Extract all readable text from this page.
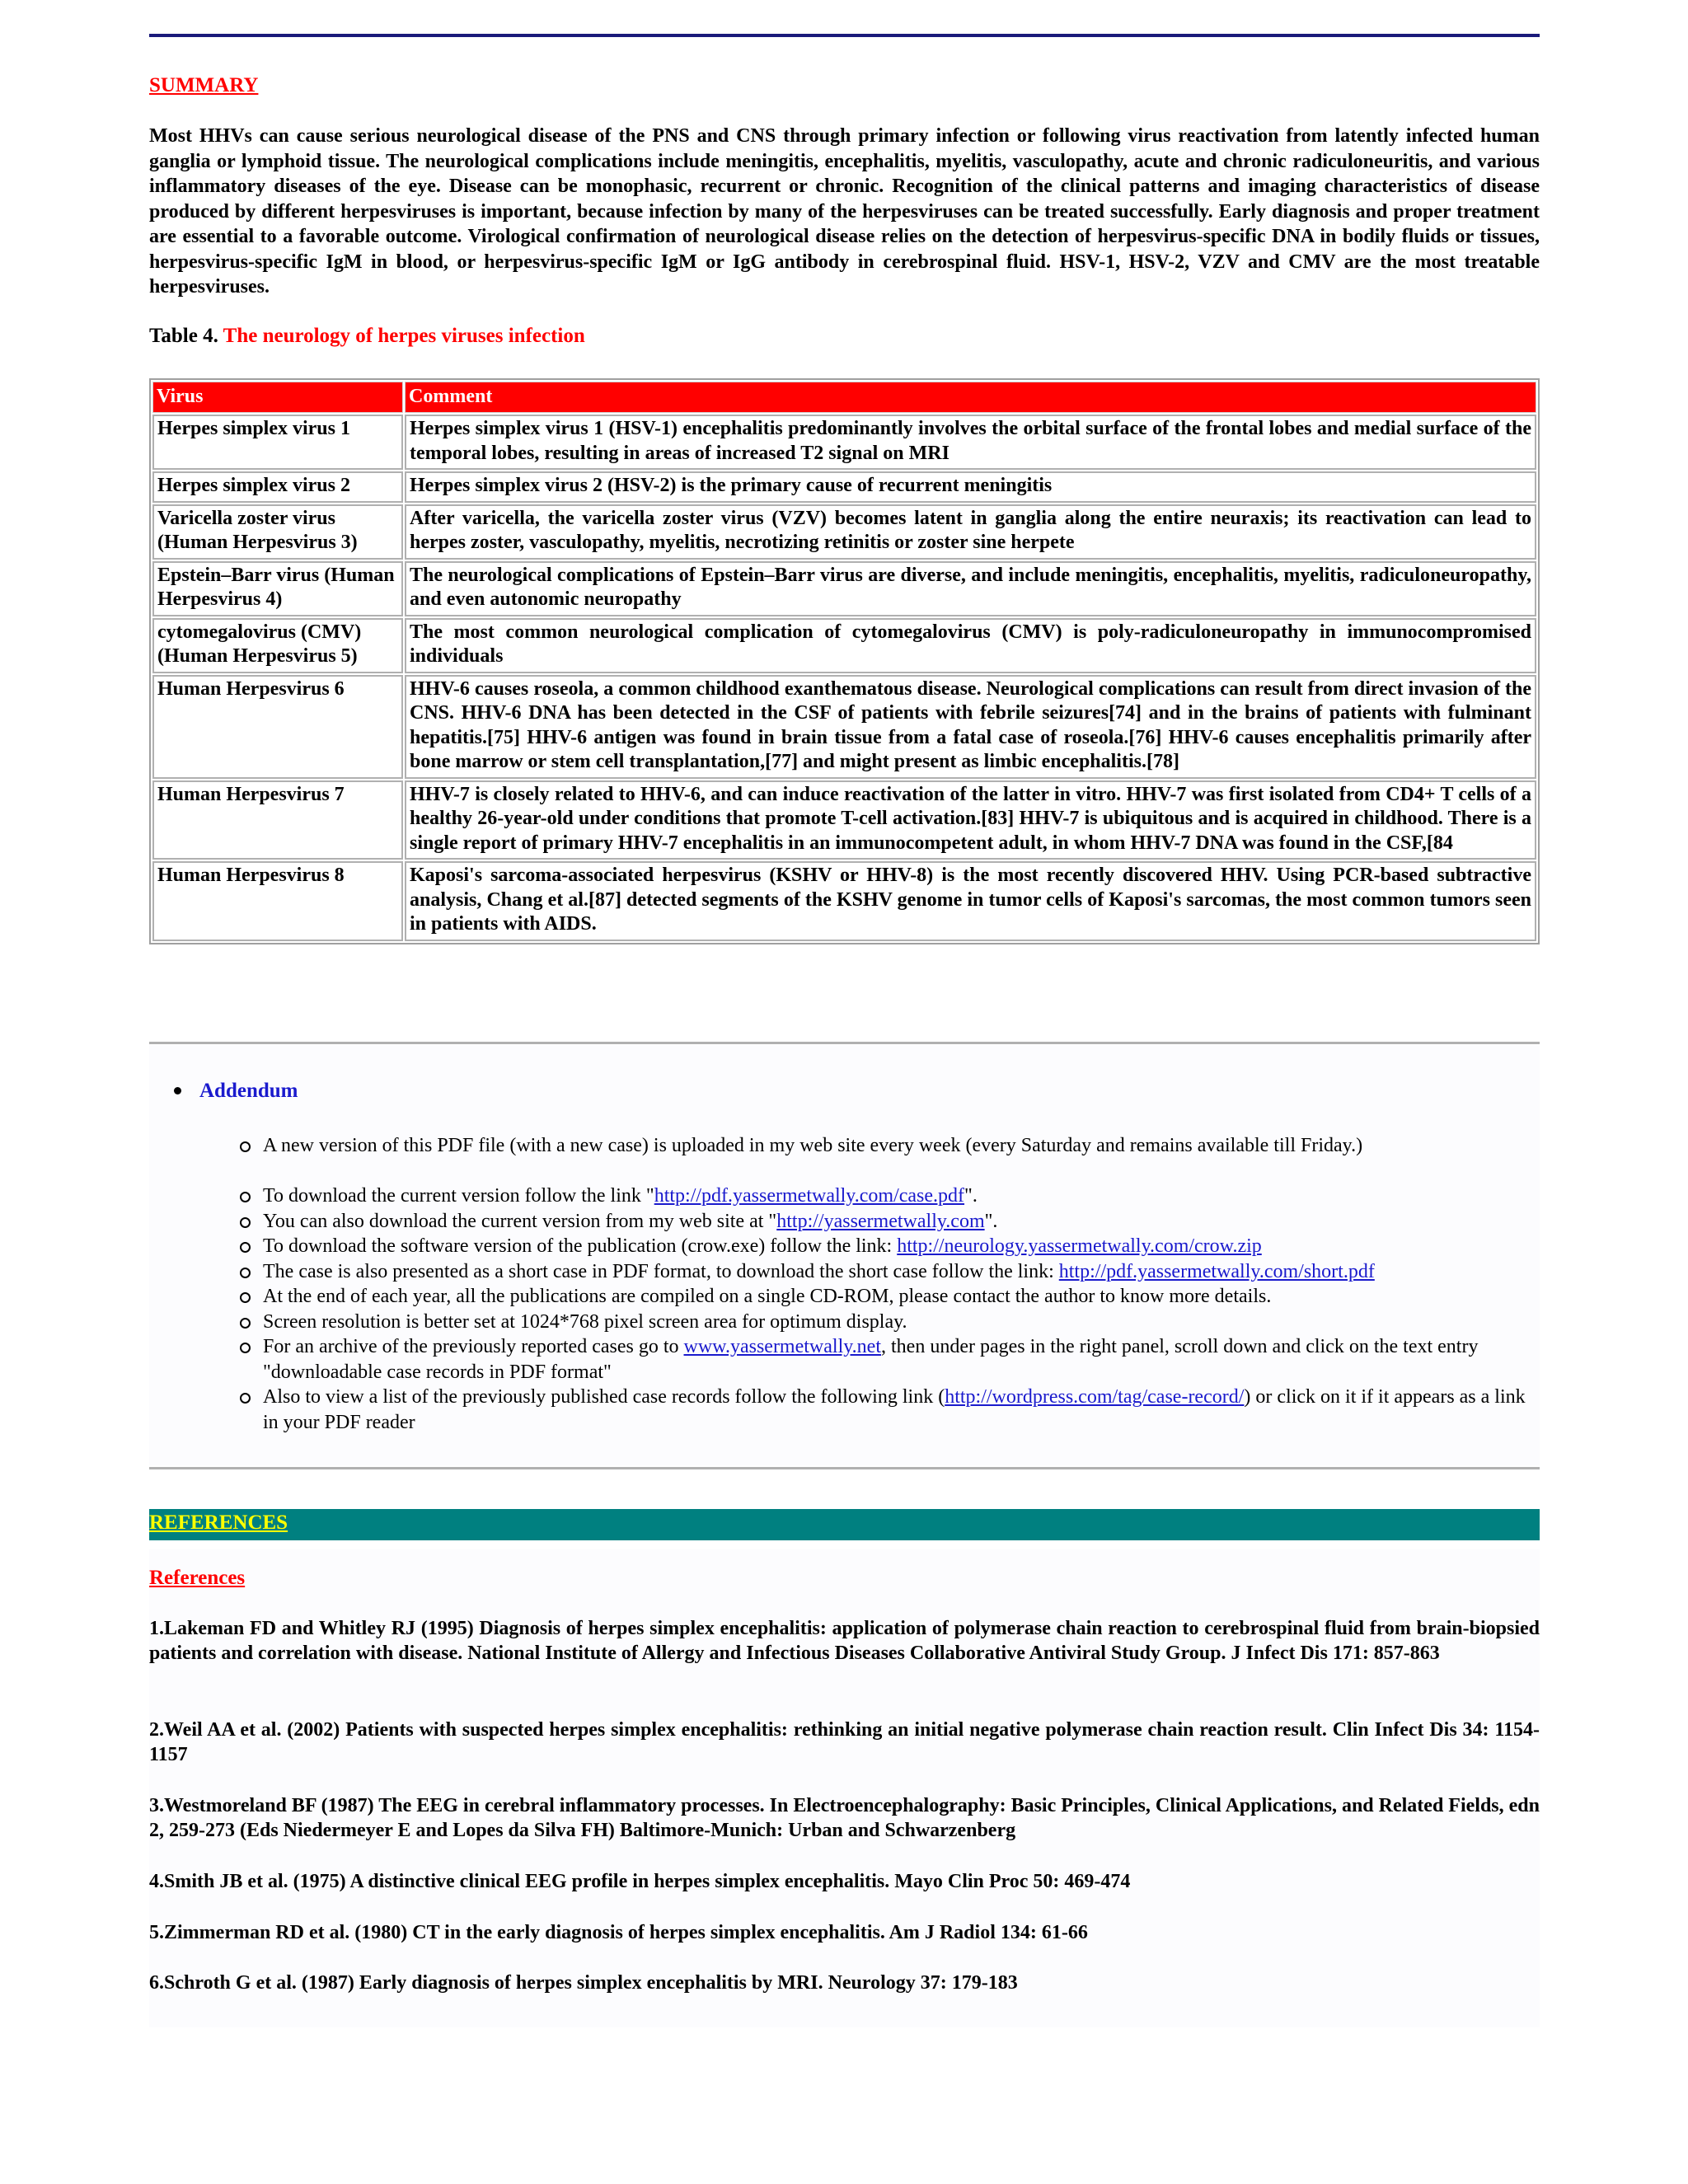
SUMMARY

Most HHVs can cause serious neurological disease of the PNS and CNS through primary infection or following virus reactivation from latently infected human ganglia or lymphoid tissue. The neurological complications include meningitis, encephalitis, myelitis, vasculopathy, acute and chronic radiculoneuritis, and various inflammatory diseases of the eye. Disease can be monophasic, recurrent or chronic. Recognition of the clinical patterns and imaging characteristics of disease produced by different herpesviruses is important, because infection by many of the herpesviruses can be treated successfully. Early diagnosis and proper treatment are essential to a favorable outcome. Virological confirmation of neurological disease relies on the detection of herpesvirus-specific DNA in bodily fluids or tissues, herpesvirus-specific IgM in blood, or herpesvirus-specific IgM or IgG antibody in cerebrospinal fluid. HSV-1, HSV-2, VZV and CMV are the most treatable herpesviruses.

Table 4. The neurology of herpes viruses infection
Virus	Comment
Herpes simplex virus 1	Herpes simplex virus 1 (HSV-1) encephalitis predominantly involves the orbital surface of the frontal lobes and medial surface of the temporal lobes, resulting in areas of increased T2 signal on MRI
Herpes simplex virus 2	Herpes simplex virus 2 (HSV-2) is the primary cause of recurrent meningitis
Varicella zoster virus (Human Herpesvirus 3)	After varicella, the varicella zoster virus (VZV) becomes latent in ganglia along the entire neuraxis; its reactivation can lead to herpes zoster, vasculopathy, myelitis, necrotizing retinitis or zoster sine herpete
Epstein–Barr virus (Human Herpesvirus 4)	The neurological complications of Epstein–Barr virus are diverse, and include meningitis, encephalitis, myelitis, radiculoneuropathy, and even autonomic neuropathy
cytomegalovirus (CMV) (Human Herpesvirus 5)	The most common neurological complication of cytomegalovirus (CMV) is poly-radiculoneuropathy in immunocompromised individuals
Human Herpesvirus 6	HHV-6 causes roseola, a common childhood exanthematous disease. Neurological complications can result from direct invasion of the CNS. HHV-6 DNA has been detected in the CSF of patients with febrile seizures[74] and in the brains of patients with fulminant hepatitis.[75] HHV-6 antigen was found in brain tissue from a fatal case of roseola.[76] HHV-6 causes encephalitis primarily after bone marrow or stem cell transplantation,[77] and might present as limbic encephalitis.[78]
Human Herpesvirus 7	HHV-7 is closely related to HHV-6, and can induce reactivation of the latter in vitro. HHV-7 was first isolated from CD4+ T cells of a healthy 26-year-old under conditions that promote T-cell activation.[83] HHV-7 is ubiquitous and is acquired in childhood. There is a single report of primary HHV-7 encephalitis in an immunocompetent adult, in whom HHV-7 DNA was found in the CSF,[84
Human Herpesvirus 8	Kaposi's sarcoma-associated herpesvirus (KSHV or HHV-8) is the most recently discovered HHV. Using PCR-based subtractive analysis, Chang et al.[87] detected segments of the KSHV genome in tumor cells of Kaposi's sarcomas, the most common tumors seen in patients with AIDS.
Addendum
A new version of this PDF file (with a new case) is uploaded in my web site every week (every Saturday and remains available till Friday.)
To download the current version follow the link "http://pdf.yassermetwally.com/case.pdf".
You can also download the current version from my web site at "http://yassermetwally.com".
To download the software version of the publication (crow.exe) follow the link: http://neurology.yassermetwally.com/crow.zip
The case is also presented as a short case in PDF format, to download the short case follow the link: http://pdf.yassermetwally.com/short.pdf
At the end of each year, all the publications are compiled on a single CD-ROM, please contact the author to know more details.
Screen resolution is better set at 1024*768 pixel screen area for optimum display.
For an archive of the previously reported cases go to www.yassermetwally.net, then under pages in the right panel, scroll down and click on the text entry "downloadable case records in PDF format"
Also to view a list of the previously published case records follow the following link (http://wordpress.com/tag/case-record/) or click on it if it appears as a link in your PDF reader
REFERENCES
References

1.Lakeman FD and Whitley RJ (1995) Diagnosis of herpes simplex encephalitis: application of polymerase chain reaction to cerebrospinal fluid from brain-biopsied patients and correlation with disease. National Institute of Allergy and Infectious Diseases Collaborative Antiviral Study Group. J Infect Dis 171: 857-863

2.Weil AA et al. (2002) Patients with suspected herpes simplex encephalitis: rethinking an initial negative polymerase chain reaction result. Clin Infect Dis 34: 1154-1157

3.Westmoreland BF (1987) The EEG in cerebral inflammatory processes. In Electroencephalography: Basic Principles, Clinical Applications, and Related Fields, edn 2, 259-273 (Eds Niedermeyer E and Lopes da Silva FH) Baltimore-Munich: Urban and Schwarzenberg

4.Smith JB et al. (1975) A distinctive clinical EEG profile in herpes simplex encephalitis. Mayo Clin Proc 50: 469-474

5.Zimmerman RD et al. (1980) CT in the early diagnosis of herpes simplex encephalitis. Am J Radiol 134: 61-66

6.Schroth G et al. (1987) Early diagnosis of herpes simplex encephalitis by MRI. Neurology 37: 179-183
